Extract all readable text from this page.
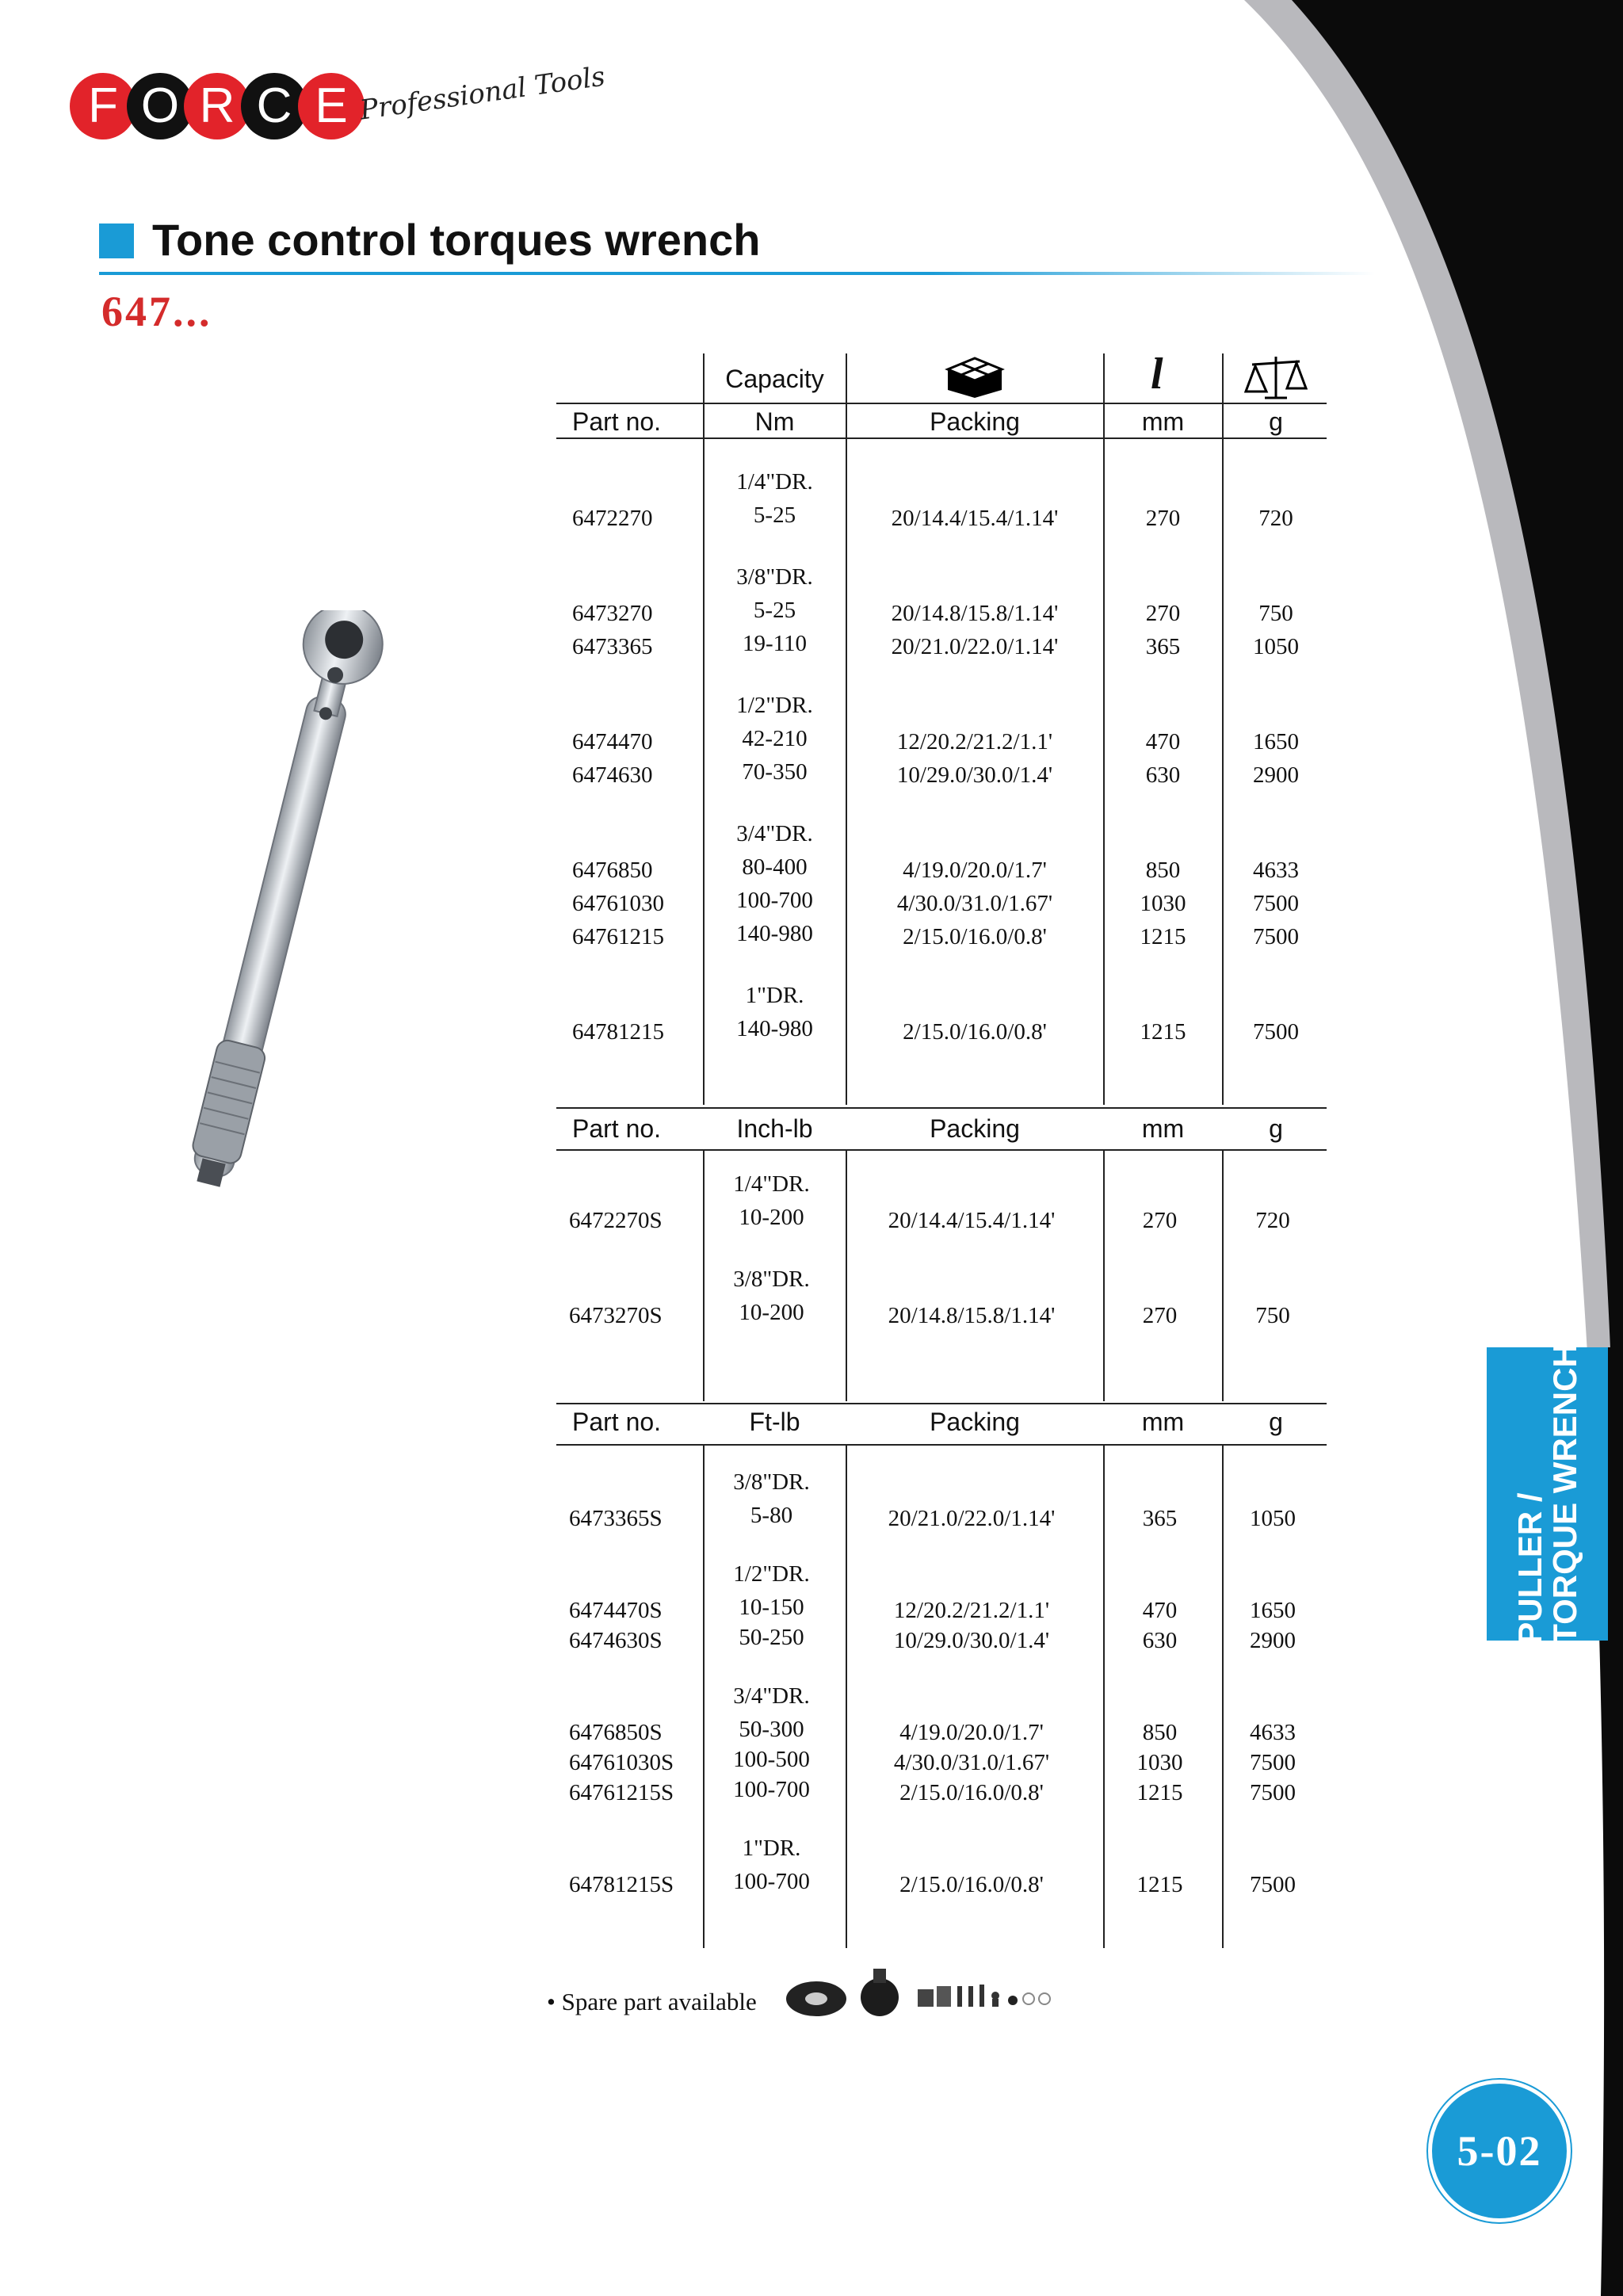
F O R C E Professional Tools
Tone control torques wrench
647...
Capacity	l
Part no.	Nm	Packing	mm	g
1/4"DR.
6472270	5-25	20/14.4/15.4/1.14'	270	720
3/8"DR.
6473270	5-25	20/14.8/15.8/1.14'	270	750
6473365	19-110	20/21.0/22.0/1.14'	365	1050
1/2"DR.
6474470	42-210	12/20.2/21.2/1.1'	470	1650
6474630	70-350	10/29.0/30.0/1.4'	630	2900
3/4"DR.
6476850	80-400	4/19.0/20.0/1.7'	850	4633
64761030	100-700	4/30.0/31.0/1.67'	1030	7500
64761215	140-980	2/15.0/16.0/0.8'	1215	7500
1"DR.
64781215	140-980	2/15.0/16.0/0.8'	1215	7500
Part no.	Inch-lb	Packing	mm	g
1/4"DR.
6472270S	10-200	20/14.4/15.4/1.14'	270	720
3/8"DR.
6473270S	10-200	20/14.8/15.8/1.14'	270	750
Part no.	Ft-lb	Packing	mm	g
3/8"DR.
6473365S	5-80	20/21.0/22.0/1.14'	365	1050
1/2"DR.
6474470S	10-150	12/20.2/21.2/1.1'	470	1650
6474630S	50-250	10/29.0/30.0/1.4'	630	2900
3/4"DR.
6476850S	50-300	4/19.0/20.0/1.7'	850	4633
64761030S	100-500	4/30.0/31.0/1.67'	1030	7500
64761215S	100-700	2/15.0/16.0/0.8'	1215	7500
1"DR.
64781215S	100-700	2/15.0/16.0/0.8'	1215	7500
• Spare part available
PULLER /
TORQUE WRENCH
5-02
